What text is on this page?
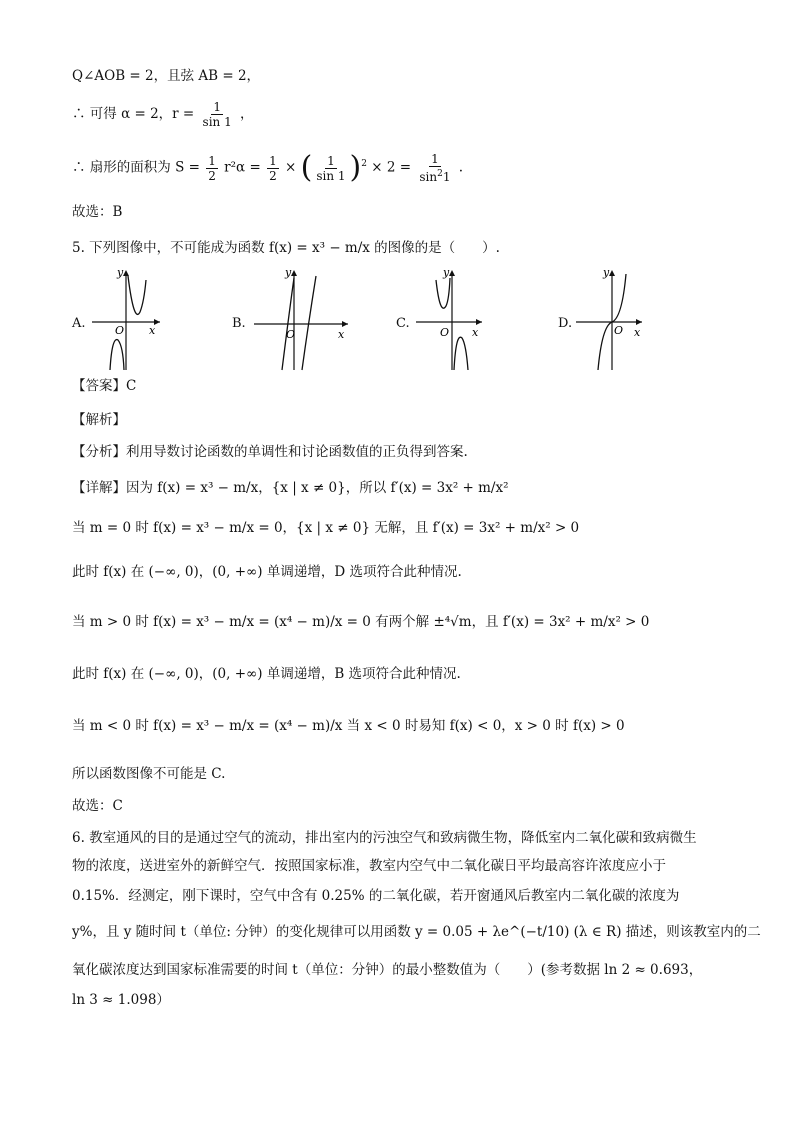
Q∠AOB = 2，且弦 AB = 2，
∴ 可得 α = 2，$r = \frac{1}{\sin 1}$ ，
∴ 扇形的面积为 $S = \frac{1}{2} r^2\alpha = \frac{1}{2}$ × ( $\frac{1}{\sin 1} )^2 \times 2 = \frac{1}{\sin^21}$ .
故选：B
5. 下列图像中，不可能成为函数 f(x) = x³ − m/x 的图像的是（　　）.
A.
y
O x	B.
y
O	x
C.
y
O x
D.
y
O x
【答案】C
【解析】
【分析】利用导数讨论函数的单调性和讨论函数值的正负得到答案.
【详解】因为 f(x) = x³ − m/x，{x | x ≠ 0}，所以 f′(x) = 3x² + m/x²
当 m = 0 时 f(x) = x³ − m/x = 0，{x | x ≠ 0} 无解，且 f′(x) = 3x² + m/x² > 0
此时 f(x) 在 (−∞, 0)，(0, +∞) 单调递增，D 选项符合此种情况.
当 m > 0 时 f(x) = x³ − m/x = (x⁴ − m)/x = 0 有两个解 ±⁴√m，且 f′(x) = 3x² + m/x² > 0
此时 f(x) 在 (−∞, 0)，(0, +∞) 单调递增，B 选项符合此种情况.
当 m < 0 时 f(x) = x³ − m/x = (x⁴ − m)/x 当 x < 0 时易知 f(x) < 0，x > 0 时 f(x) > 0
所以函数图像不可能是 C.
故选：C
6. 教室通风的目的是通过空气的流动，排出室内的污浊空气和致病微生物，降低室内二氧化碳和致病微生
物的浓度，送进室外的新鲜空气．按照国家标准，教室内空气中二氧化碳日平均最高容许浓度应小于
0.15%．经测定，刚下课时，空气中含有 0.25% 的二氧化碳，若开窗通风后教室内二氧化碳的浓度为
y%，且 y 随时间 t（单位: 分钟）的变化规律可以用函数 y = 0.05 + λe^(−t/10) (λ ∈ R) 描述，则该教室内的二
氧化碳浓度达到国家标准需要的时间 t（单位：分钟）的最小整数值为（　　）(参考数据 ln 2 ≈ 0.693，
ln 3 ≈ 1.098）
